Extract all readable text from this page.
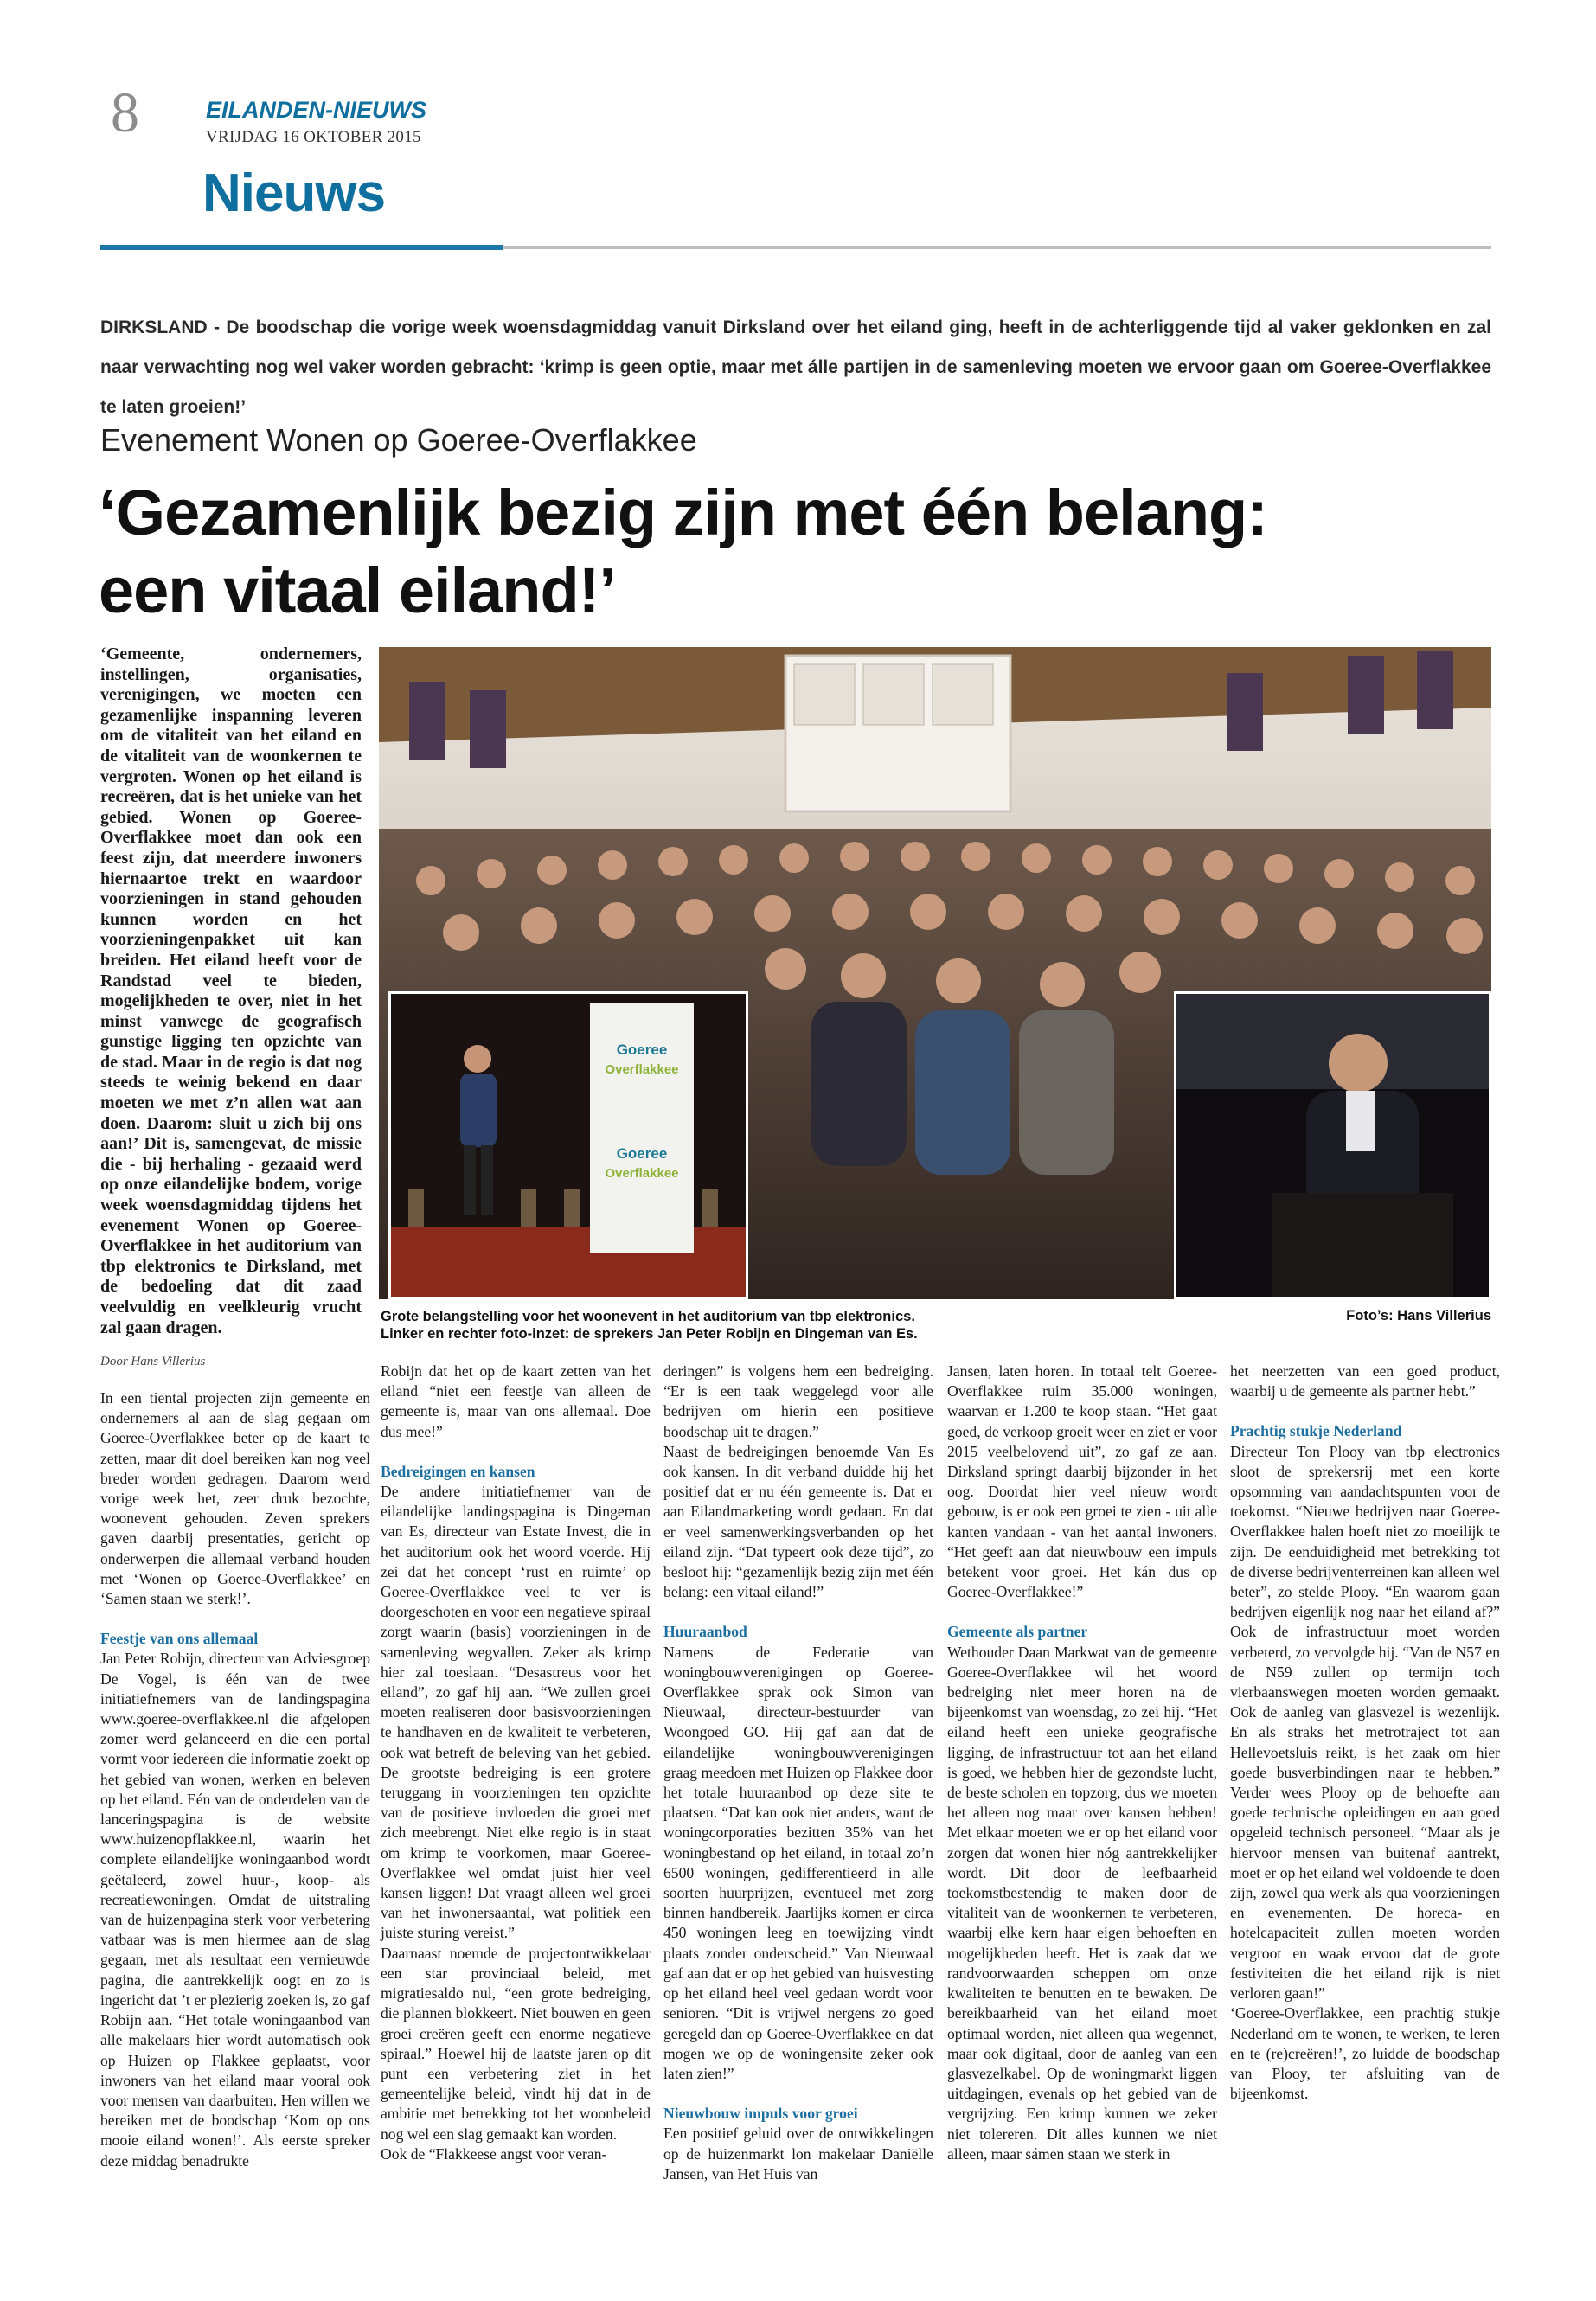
8	EILANDEN-NIEUWS
VRIJDAG 16 OKTOBER 2015
Nieuws
DIRKSLAND - De boodschap die vorige week woensdagmiddag vanuit Dirksland over het eiland ging, heeft in de achterliggende tijd al vaker geklonken en zal naar verwachting nog wel vaker worden gebracht: ‘krimp is geen optie, maar met álle partijen in de samenleving moeten we ervoor gaan om Goeree-Overflakkee te laten groeien!’
Evenement Wonen op Goeree-Overflakkee
‘Gezamenlijk bezig zijn met één belang:
een vitaal eiland!’
‘Gemeente, ondernemers, instellingen, organisaties, verenigingen, we moeten een gezamenlijke inspanning leveren om de vitaliteit van het eiland en de vitaliteit van de woonkernen te vergroten. Wonen op het eiland is recreëren, dat is het unieke van het gebied. Wonen op Goeree-Overflakkee moet dan ook een feest zijn, dat meerdere inwoners hiernaartoe trekt en waardoor voorzieningen in stand gehouden kunnen worden en het voorzieningenpakket uit kan breiden. Het eiland heeft voor de Randstad veel te bieden, mogelijkheden te over, niet in het minst vanwege de geografisch gunstige ligging ten opzichte van de stad. Maar in de regio is dat nog steeds te weinig bekend en daar moeten we met z’n allen wat aan doen. Daarom: sluit u zich bij ons aan!’ Dit is, samengevat, de missie die - bij herhaling - gezaaid werd op onze eilandelijke bodem, vorige week woensdagmiddag tijdens het evenement Wonen op Goeree-Overflakkee in het auditorium van tbp elektronics te Dirksland, met de bedoeling dat dit zaad veelvuldig en veelkleurig vrucht zal gaan dragen.
Door Hans Villerius
Goeree
Overflakkee
Goeree
Overflakkee
Grote belangstelling voor het woonevent in het auditorium van tbp elektronics.
Linker en rechter foto-inzet: de sprekers Jan Peter Robijn en Dingeman van Es.
Foto’s: Hans Villerius

In een tiental projecten zijn gemeente en ondernemers al aan de slag gegaan om Goeree-Overflakkee beter op de kaart te zetten, maar dit doel bereiken kan nog veel breder worden gedragen. Daarom werd vorige week het, zeer druk bezochte, woonevent gehouden. Zeven sprekers gaven daarbij presentaties, gericht op onderwerpen die allemaal verband houden met ‘Wonen op Goeree-Overflakkee’ en ‘Samen staan we sterk!’.

Feestje van ons allemaal

Jan Peter Robijn, directeur van Adviesgroep De Vogel, is één van de twee initiatiefnemers van de landingspagina www.goeree-overflakkee.nl die afgelopen zomer werd gelanceerd en die een portal vormt voor iedereen die informatie zoekt op het gebied van wonen, werken en beleven op het eiland. Eén van de onderdelen van de lanceringspagina is de website www.huizenopflakkee.nl, waarin het complete eilandelijke woningaanbod wordt geëtaleerd, zowel huur-, koop- als recreatiewoningen. Omdat de uitstraling van de huizenpagina sterk voor verbetering vatbaar was is men hiermee aan de slag gegaan, met als resultaat een vernieuwde pagina, die aantrekkelijk oogt en zo is ingericht dat ’t er plezierig zoeken is, zo gaf Robijn aan. “Het totale woningaanbod van alle makelaars hier wordt automatisch ook op Huizen op Flakkee geplaatst, voor inwoners van het eiland maar vooral ook voor mensen van daarbuiten. Hen willen we bereiken met de boodschap ‘Kom op ons mooie eiland wonen!’. Als eerste spreker deze middag benadrukte

Robijn dat het op de kaart zetten van het eiland “niet een feestje van alleen de gemeente is, maar van ons allemaal. Doe dus mee!”

Bedreigingen en kansen

De andere initiatiefnemer van de eilandelijke landingspagina is Dingeman van Es, directeur van Estate Invest, die in het auditorium ook het woord voerde. Hij zei dat het concept ‘rust en ruimte’ op Goeree-Overflakkee veel te ver is doorgeschoten en voor een negatieve spiraal zorgt waarin (basis) voorzieningen in de samenleving wegvallen. Zeker als krimp hier zal toeslaan. “Desastreus voor het eiland”, zo gaf hij aan. “We zullen groei moeten realiseren door basisvoorzieningen te handhaven en de kwaliteit te verbeteren, ook wat betreft de beleving van het gebied. De grootste bedreiging is een grotere teruggang in voorzieningen ten opzichte van de positieve invloeden die groei met zich meebrengt. Niet elke regio is in staat om krimp te voorkomen, maar Goeree-Overflakkee wel omdat juist hier veel kansen liggen! Dat vraagt alleen wel groei van het inwonersaantal, wat politiek een juiste sturing vereist.”

Daarnaast noemde de projectontwikkelaar een star provinciaal beleid, met migratiesaldo nul, “een grote bedreiging, die plannen blokkeert. Niet bouwen en geen groei creëren geeft een enorme negatieve spiraal.” Hoewel hij de laatste jaren op dit punt een verbetering ziet in het gemeentelijke beleid, vindt hij dat in de ambitie met betrekking tot het woonbeleid nog wel een slag gemaakt kan worden.

Ook de “Flakkeese angst voor veran-

deringen” is volgens hem een bedreiging. “Er is een taak weggelegd voor alle bedrijven om hierin een positieve boodschap uit te dragen.”

Naast de bedreigingen benoemde Van Es ook kansen. In dit verband duidde hij het positief dat er nu één gemeente is. Dat er aan Eilandmarketing wordt gedaan. En dat er veel samenwerkingsverbanden op het eiland zijn. “Dat typeert ook deze tijd”, zo besloot hij: “gezamenlijk bezig zijn met één belang: een vitaal eiland!”

Huuraanbod

Namens de Federatie van woningbouwverenigingen op Goeree-Overflakkee sprak ook Simon van Nieuwaal, directeur-bestuurder van Woongoed GO. Hij gaf aan dat de eilandelijke woningbouwverenigingen graag meedoen met Huizen op Flakkee door het totale huuraanbod op deze site te plaatsen. “Dat kan ook niet anders, want de woningcorporaties bezitten 35% van het woningbestand op het eiland, in totaal zo’n 6500 woningen, gedifferentieerd in alle soorten huurprijzen, eventueel met zorg binnen handbereik. Jaarlijks komen er circa 450 woningen leeg en toewijzing vindt plaats zonder onderscheid.” Van Nieuwaal gaf aan dat er op het gebied van huisvesting op het eiland heel veel gedaan wordt voor senioren. “Dit is vrijwel nergens zo goed geregeld dan op Goeree-Overflakkee en dat mogen we op de woningensite zeker ook laten zien!”

Nieuwbouw impuls voor groei

Een positief geluid over de ontwikkelingen op de huizenmarkt lon makelaar Daniëlle Jansen, van Het Huis van

Jansen, laten horen. In totaal telt Goeree-Overflakkee ruim 35.000 woningen, waarvan er 1.200 te koop staan. “Het gaat goed, de verkoop groeit weer en ziet er voor 2015 veelbelovend uit”, zo gaf ze aan. Dirksland springt daarbij bijzonder in het oog. Doordat hier veel nieuw wordt gebouw, is er ook een groei te zien - uit alle kanten vandaan - van het aantal inwoners. “Het geeft aan dat nieuwbouw een impuls betekent voor groei. Het kán dus op Goeree-Overflakkee!”

Gemeente als partner

Wethouder Daan Markwat van de gemeente Goeree-Overflakkee wil het woord bedreiging niet meer horen na de bijeenkomst van woensdag, zo zei hij. “Het eiland heeft een unieke geografische ligging, de infrastructuur tot aan het eiland is goed, we hebben hier de gezondste lucht, de beste scholen en topzorg, dus we moeten het alleen nog maar over kansen hebben! Met elkaar moeten we er op het eiland voor zorgen dat wonen hier nóg aantrekkelijker wordt. Dit door de leefbaarheid toekomstbestendig te maken door de vitaliteit van de woonkernen te verbeteren, waarbij elke kern haar eigen behoeften en mogelijkheden heeft. Het is zaak dat we randvoorwaarden scheppen om onze kwaliteiten te benutten en te bewaken. De bereikbaarheid van het eiland moet optimaal worden, niet alleen qua wegennet, maar ook digitaal, door de aanleg van een glasvezelkabel. Op de woningmarkt liggen uitdagingen, evenals op het gebied van de vergrijzing. Een krimp kunnen we zeker niet tolereren. Dit alles kunnen we niet alleen, maar sámen staan we sterk in

het neerzetten van een goed product, waarbij u de gemeente als partner hebt.”

Prachtig stukje Nederland

Directeur Ton Plooy van tbp electronics sloot de sprekersrij met een korte opsomming van aandachtspunten voor de toekomst. “Nieuwe bedrijven naar Goeree-Overflakkee halen hoeft niet zo moeilijk te zijn. De eenduidigheid met betrekking tot de diverse bedrijventerreinen kan alleen wel beter”, zo stelde Plooy. “En waarom gaan bedrijven eigenlijk nog naar het eiland af?” Ook de infrastructuur moet worden verbeterd, zo vervolgde hij. “Van de N57 en de N59 zullen op termijn toch vierbaanswegen moeten worden gemaakt. Ook de aanleg van glasvezel is wezenlijk. En als straks het metrotraject tot aan Hellevoetsluis reikt, is het zaak om hier goede busverbindingen naar te hebben.” Verder wees Plooy op de behoefte aan goede technische opleidingen en aan goed opgeleid technisch personeel. “Maar als je hiervoor mensen van buitenaf aantrekt, moet er op het eiland wel voldoende te doen zijn, zowel qua werk als qua voorzieningen en evenementen. De horeca- en hotelcapaciteit zullen moeten worden vergroot en waak ervoor dat de grote festiviteiten die het eiland rijk is niet verloren gaan!”

‘Goeree-Overflakkee, een prachtig stukje Nederland om te wonen, te werken, te leren en te (re)creëren!’, zo luidde de boodschap van Plooy, ter afsluiting van de bijeenkomst.
